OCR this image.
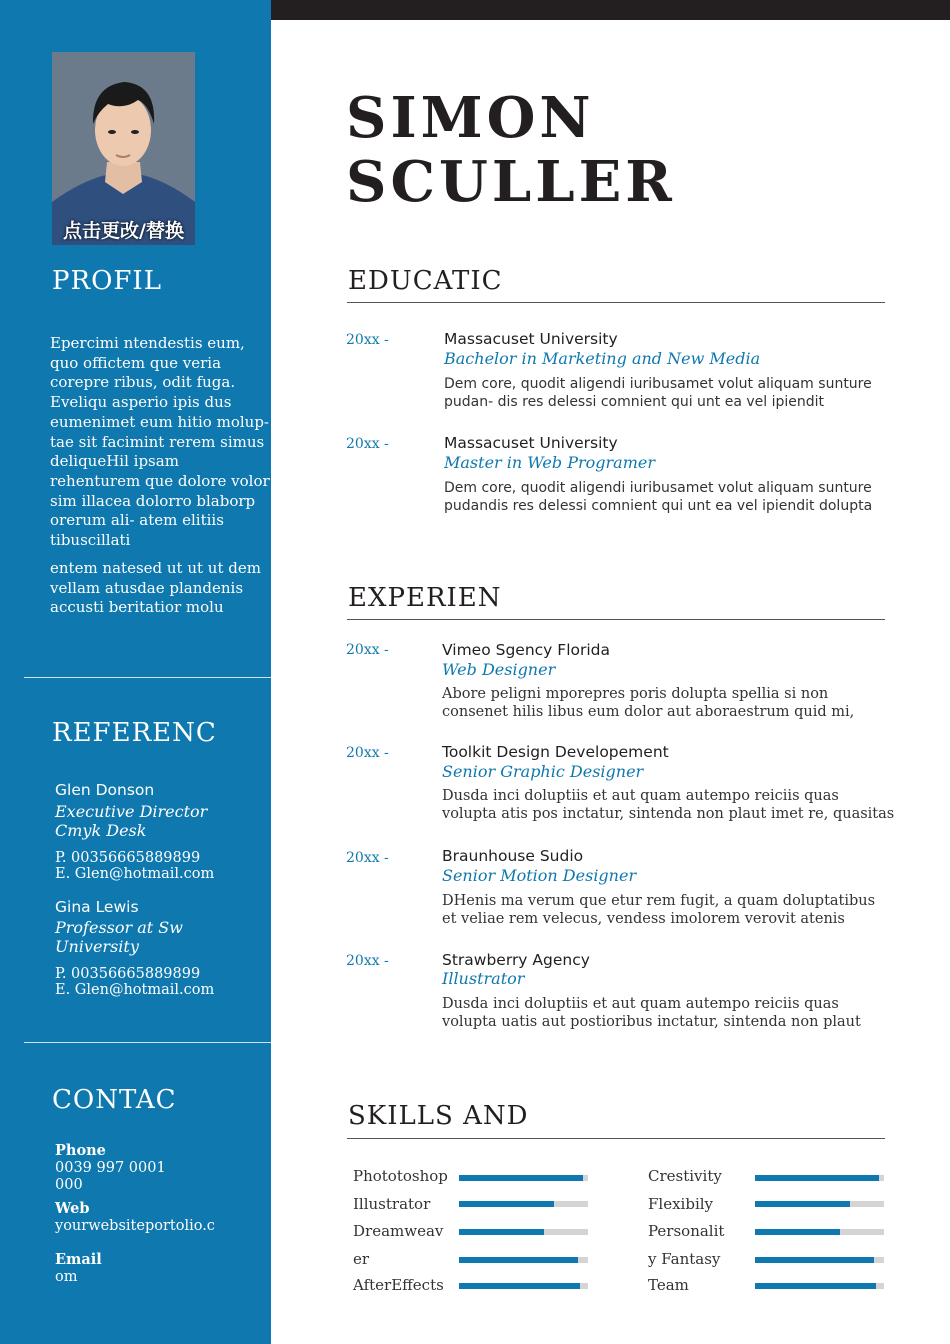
点击更改/替换
PROFIL
Epercimi ntendestis eum, quo offictem que veria corepre ribus, odit fuga. Eveliqu asperio ipis dus eumenimet eum hitio molup- tae sit facimint rerem simus deliqueHil ipsam rehenturem que dolore volor sim illacea dolorro blaborp orerum ali- atem elitiis tibuscillati
entem natesed ut ut ut dem vellam atusdae plandenis accusti beritatior molu
REFERENC
Glen Donson
Executive Director Cmyk Desk
P. 00356665889899
E. Glen@hotmail.com
Gina Lewis
Professor at Sw University
P. 00356665889899
E. Glen@hotmail.com
CONTAC
Phone
0039 997 0001
000
Web
yourwebsiteportolio.c
Email
om
SIMON SCULLER
EDUCATIC
20xx -	Massacuset University
Bachelor in Marketing and New Media
Dem core, quodit aligendi iuribusamet volut aliquam sunture
pudan- dis res delessi comnient qui unt ea vel ipiendit
20xx -	Massacuset University
Master in Web Programer
Dem core, quodit aligendi iuribusamet volut aliquam sunture
pudandis res delessi comnient qui unt ea vel ipiendit dolupta
EXPERIEN
20xx -	Vimeo Sgency Florida
Web Designer
Abore peligni mporepres poris dolupta spellia si non
consenet hilis libus eum dolor aut aboraestrum quid mi,
20xx -	Toolkit Design Developement
Senior Graphic Designer
Dusda inci doluptiis et aut quam autempo reiciis quas
volupta atis pos inctatur, sintenda non plaut imet re, quasitas
20xx -	Braunhouse Sudio
Senior Motion Designer
DHenis ma verum que etur rem fugit, a quam doluptatibus
et veliae rem velecus, vendess imolorem verovit atenis
20xx -	Strawberry Agency
Illustrator
Dusda inci doluptiis et aut quam autempo reiciis quas
volupta uatis aut postioribus inctatur, sintenda non plaut
SKILLS AND
Phototoshop
Illustrator
Dreamweav
er
AfterEffects
Crestivity
Flexibily
Personalit
y Fantasy
Team
